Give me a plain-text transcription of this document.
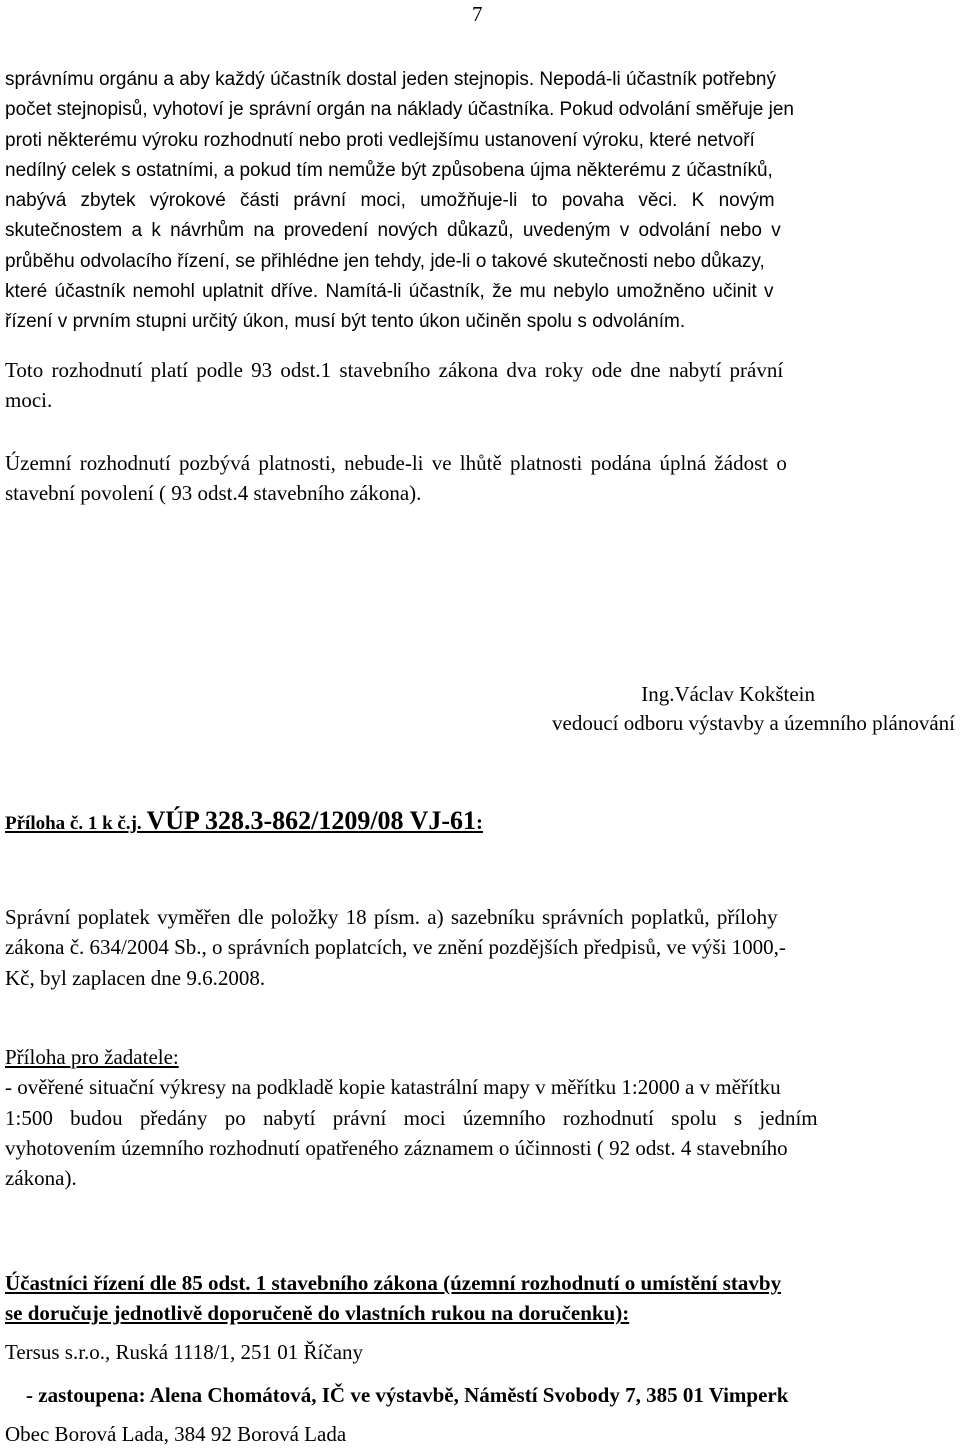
7
správnímu orgánu a aby každý účastník dostal jeden stejnopis. Nepodá-li účastník potřebný
počet stejnopisů, vyhotoví je správní orgán na náklady účastníka. Pokud odvolání směřuje jen
proti některému výroku rozhodnutí nebo proti vedlejšímu ustanovení výroku, které netvoří
nedílný celek s ostatními, a pokud tím nemůže být způsobena újma některému z účastníků,
nabývá zbytek výrokové části právní moci, umožňuje-li to povaha věci. K novým
skutečnostem a k návrhům na provedení nových důkazů, uvedeným v odvolání nebo v
průběhu odvolacího řízení, se přihlédne jen tehdy, jde-li o takové skutečnosti nebo důkazy,
které účastník nemohl uplatnit dříve. Namítá-li účastník, že mu nebylo umožněno učinit v
řízení v prvním stupni určitý úkon, musí být tento úkon učiněn spolu s odvoláním.
Toto rozhodnutí platí podle 93 odst.1 stavebního zákona dva roky ode dne nabytí právní
moci.
Územní rozhodnutí pozbývá platnosti, nebude-li ve lhůtě platnosti podána úplná žádost o
stavební povolení ( 93 odst.4 stavebního zákona).
Ing.Václav Kokštein
vedoucí odboru výstavby a územního plánování
Příloha č. 1 k č.j. VÚP 328.3-862/1209/08 VJ-61:
Správní poplatek vyměřen dle položky 18 písm. a) sazebníku správních poplatků, přílohy
zákona č. 634/2004 Sb., o správních poplatcích, ve znění pozdějších předpisů, ve výši 1000,-
Kč, byl zaplacen dne 9.6.2008.
Příloha pro žadatele:
- ověřené situační výkresy na podkladě kopie katastrální mapy v měřítku 1:2000 a v měřítku
1:500 budou předány po nabytí právní moci územního rozhodnutí spolu s jedním
vyhotovením územního rozhodnutí opatřeného záznamem o účinnosti ( 92 odst. 4 stavebního
zákona).
Účastníci řízení dle 85 odst. 1 stavebního zákona (územní rozhodnutí o umístění stavby
se doručuje jednotlivě doporučeně do vlastních rukou na doručenku):
Tersus s.r.o., Ruská 1118/1, 251 01 Říčany
- zastoupena: Alena Chomátová, IČ ve výstavbě, Náměstí Svobody 7, 385 01 Vimperk
Obec Borová Lada, 384 92 Borová Lada
